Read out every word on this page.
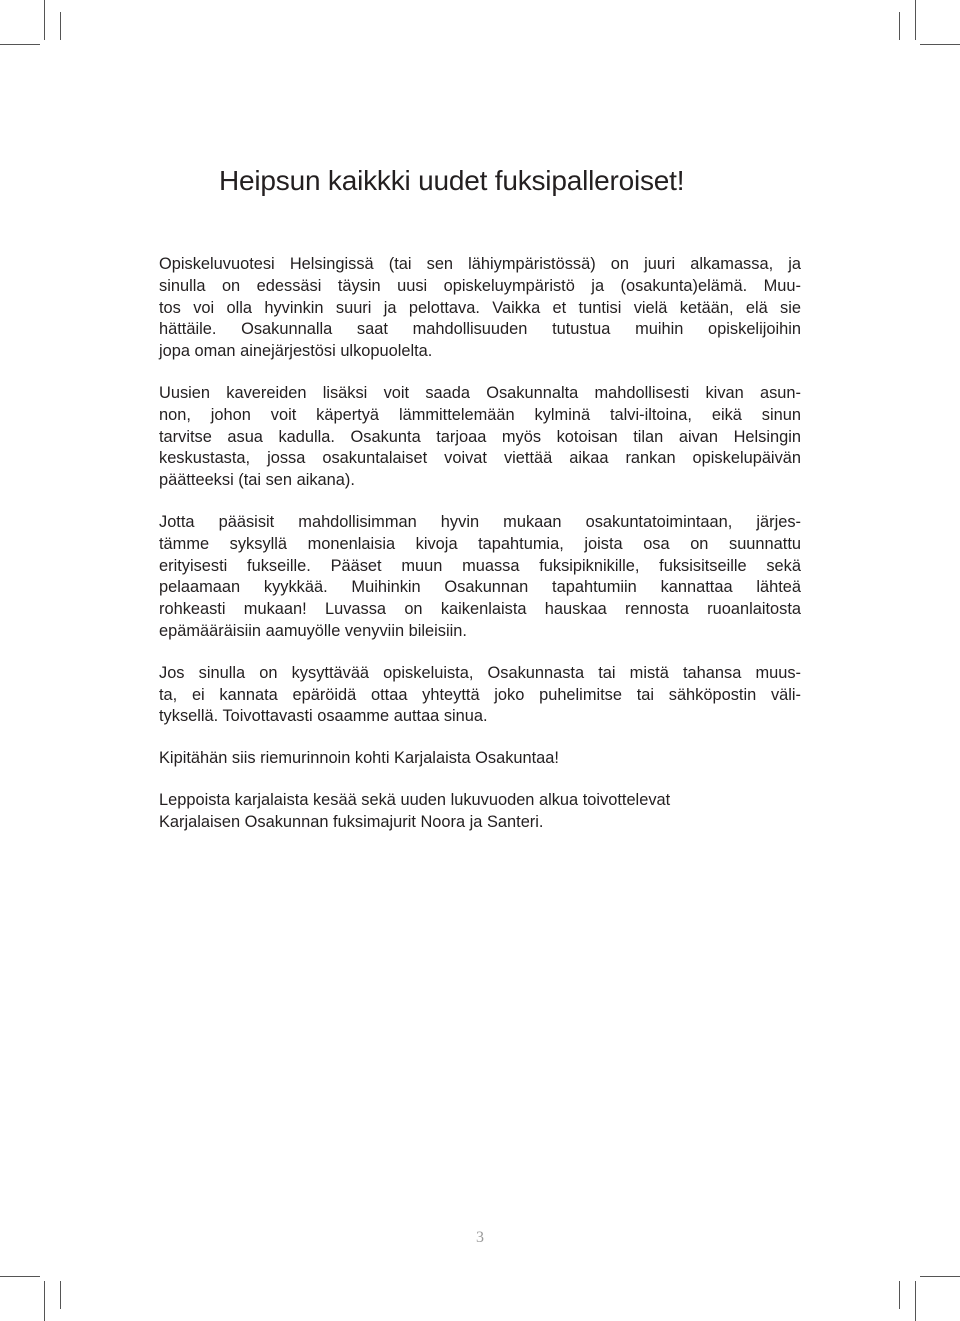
Heipsun kaikkki uudet fuksipalleroiset!

Opiskeluvuotesi Helsingissä (tai sen lähiympäristössä) on juuri alkamassa, ja
sinulla on edessäsi täysin uusi opiskeluympäristö ja (osakunta)elämä. Muu-
tos voi olla hyvinkin suuri ja pelottava. Vaikka et tuntisi vielä ketään, elä sie
hättäile. Osakunnalla saat mahdollisuuden tutustua muihin opiskelijoihin
jopa oman ainejärjestösi ulkopuolelta.

Uusien kavereiden lisäksi voit saada Osakunnalta mahdollisesti kivan asun-
non, johon voit käpertyä lämmittelemään kylminä talvi-iltoina, eikä sinun
tarvitse asua kadulla. Osakunta tarjoaa myös kotoisan tilan aivan Helsingin
keskustasta, jossa osakuntalaiset voivat viettää aikaa rankan opiskelupäivän
päätteeksi (tai sen aikana).

Jotta pääsisit mahdollisimman hyvin mukaan osakuntatoimintaan, järjes-
tämme syksyllä monenlaisia kivoja tapahtumia, joista osa on suunnattu
erityisesti fukseille. Pääset muun muassa fuksipiknikille, fuksisitseille sekä
pelaamaan kyykkää. Muihinkin Osakunnan tapahtumiin kannattaa lähteä
rohkeasti mukaan! Luvassa on kaikenlaista hauskaa rennosta ruoanlaitosta
epämääräisiin aamuyölle venyviin bileisiin.

Jos sinulla on kysyttävää opiskeluista, Osakunnasta tai mistä tahansa muus-
ta, ei kannata epäröidä ottaa yhteyttä joko puhelimitse tai sähköpostin väli-
tyksellä. Toivottavasti osaamme auttaa sinua.

Kipitähän siis riemurinnoin kohti Karjalaista Osakuntaa!

Leppoista karjalaista kesää sekä uuden lukuvuoden alkua toivottelevat
Karjalaisen Osakunnan fuksimajurit Noora ja Santeri.

3
